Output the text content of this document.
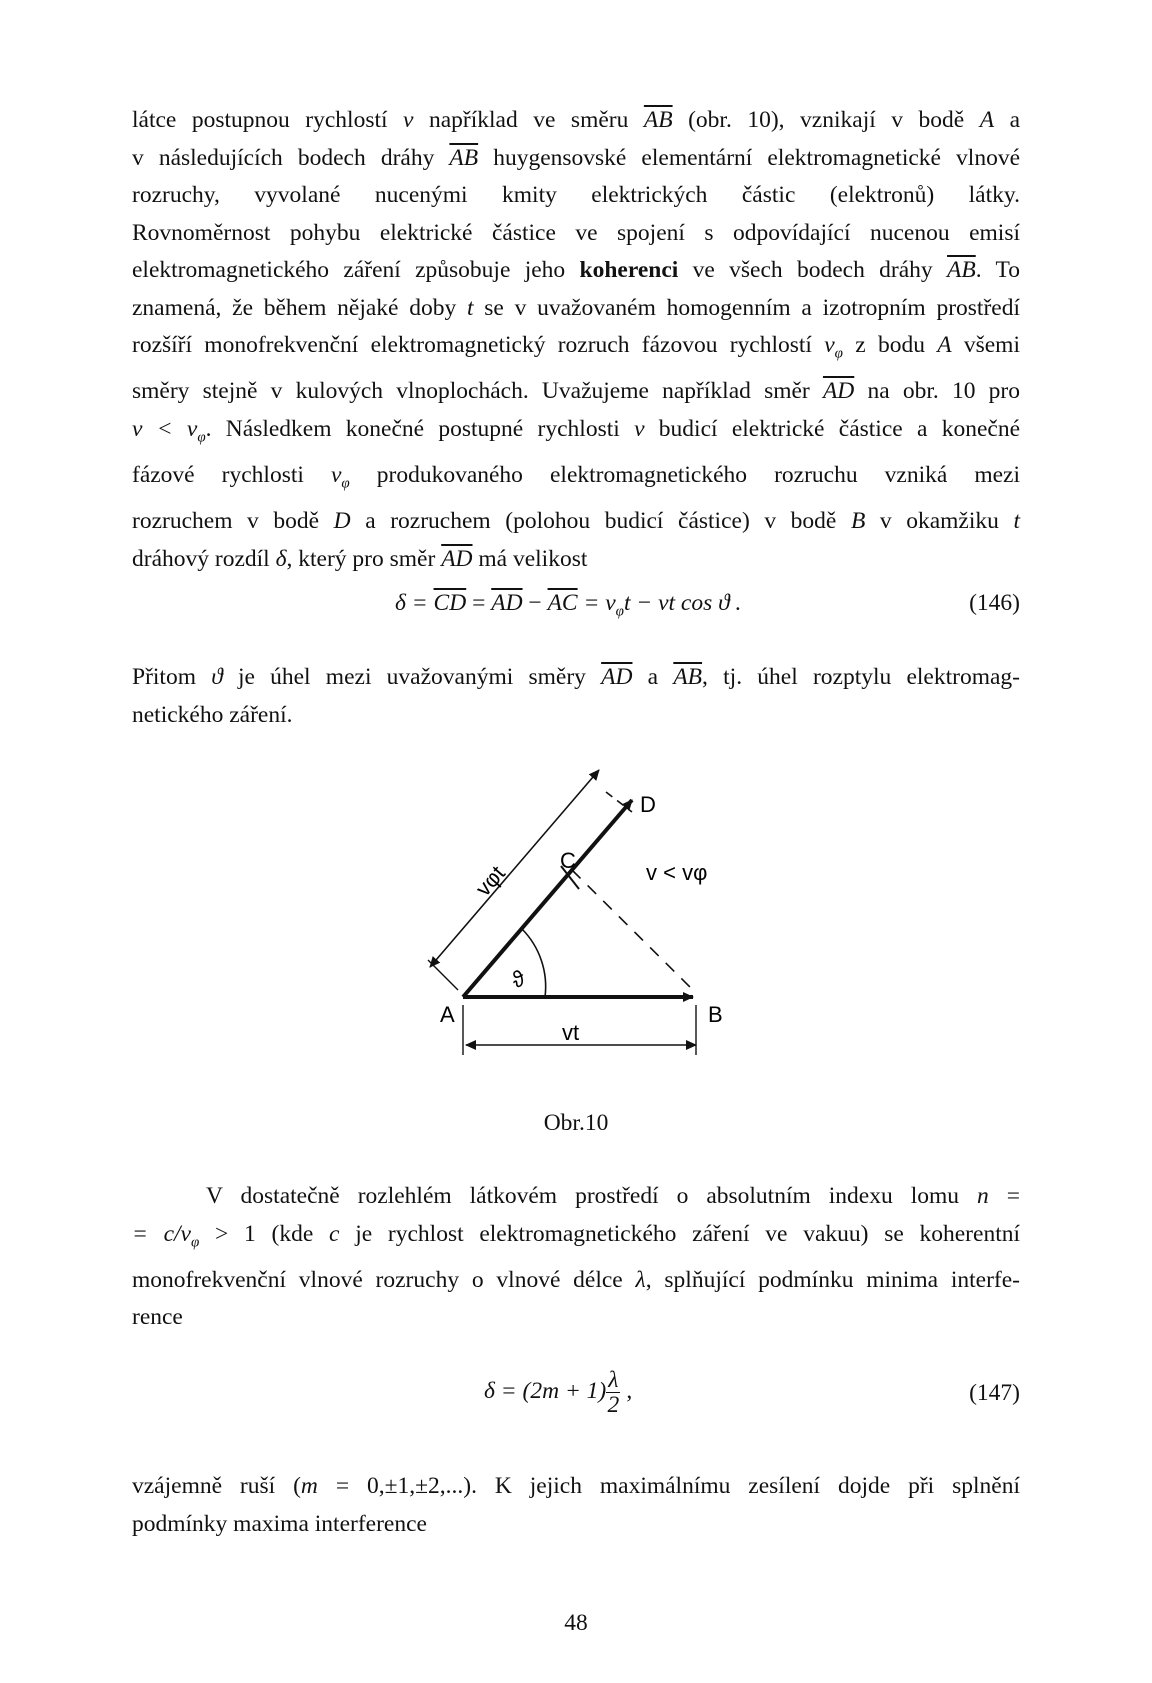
látce postupnou rychlostí v například ve směru $\overline{AB}$ (obr. 10), vznikají v bodě A a
v následujících bodech dráhy $\overline{AB}$ huygensovské elementární elektromagnetické vlnové
rozruchy, vyvolané nucenými kmity elektrických částic (elektronů) látky.
Rovnoměrnost pohybu elektrické částice ve spojení s odpovídající nucenou emisí
elektromagnetického záření způsobuje jeho koherenci ve všech bodech dráhy $\overline{AB}$. To
znamená, že během nějaké doby t se v uvažovaném homogenním a izotropním prostředí
rozšíří monofrekvenční elektromagnetický rozruch fázovou rychlostí $v_\varphi$ z bodu A všemi
směry stejně v kulových vlnoplochách. Uvažujeme například směr $\overline{AD}$ na obr. 10 pro
$v < v_\varphi$. Následkem konečné postupné rychlosti v budicí elektrické částice a konečné
fázové rychlosti $v_\varphi$ produkovaného elektromagnetického rozruchu vzniká mezi
rozruchem v bodě D a rozruchem (polohou budicí částice) v bodě B v okamžiku t
dráhový rozdíl δ, který pro směr $\overline{AD}$ má velikost
$\delta = \overline{CD} = \overline{AD} - \overline{AC} = v_\varphi t$ − vt cos ϑ .	(146)
Přitom ϑ je úhel mezi uvažovanými směry $\overline{AD}$ a $\overline{AB}$, tj. úhel rozptylu elektromag-
netického záření.
A	B
C
D
vt
vφt
ϑ
v < vφ
Obr.10
V dostatečně rozlehlém látkovém prostředí o absolutním indexu lomu n =
= $c/v_\varphi > 1$ (kde c je rychlost elektromagnetického záření ve vakuu) se koherentní
monofrekvenční vlnové rozruchy o vlnové délce λ, splňující podmínku minima interfe-
rence
$\delta = (2m + 1) \frac{\lambda}{2}$ ,	(147)
vzájemně ruší (m = 0,±1,±2,...). K jejich maximálnímu zesílení dojde při splnění
podmínky maxima interference
48
